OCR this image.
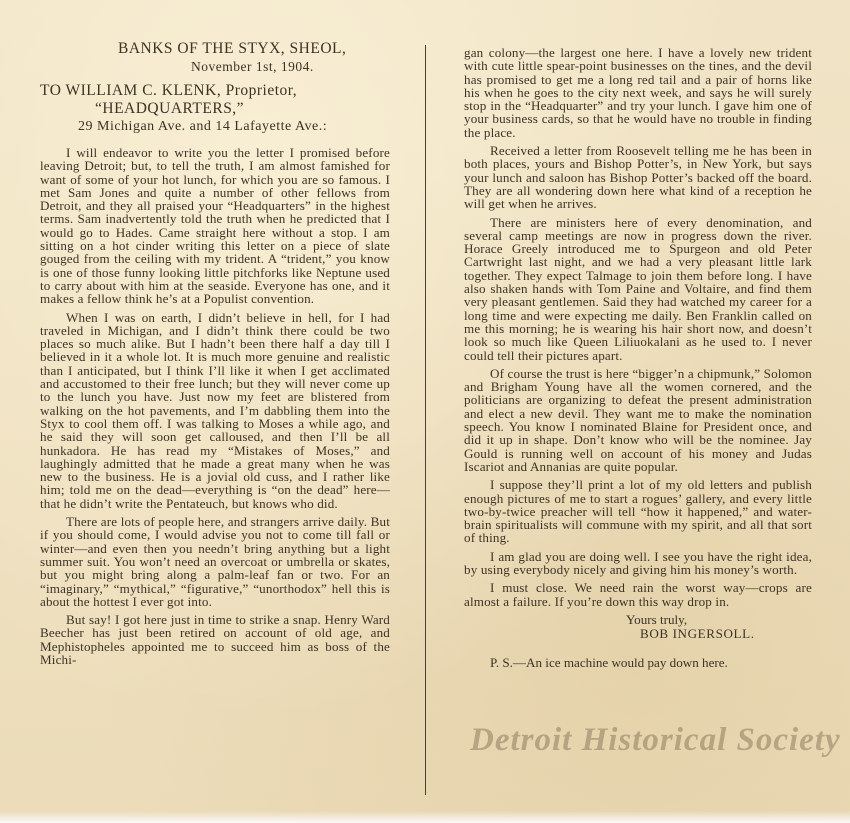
BANKS OF THE STYX, SHEOL,

November 1st, 1904.

TO WILLIAM C. KLENK, Proprietor,

“HEADQUARTERS,”

29 Michigan Ave. and 14 Lafayette Ave.:

I will endeavor to write you the letter I promised before leaving Detroit; but, to tell the truth, I am almost famished for want of some of your hot lunch, for which you are so famous. I met Sam Jones and quite a number of other fellows from Detroit, and they all praised your “Headquarters” in the highest terms. Sam inadvertently told the truth when he predicted that I would go to Hades. Came straight here without a stop. I am sitting on a hot cinder writing this letter on a piece of slate gouged from the ceiling with my trident. A “trident,” you know is one of those funny looking little pitchforks like Neptune used to carry about with him at the seaside. Everyone has one, and it makes a fellow think he’s at a Populist convention.

When I was on earth, I didn’t believe in hell, for I had traveled in Michigan, and I didn’t think there could be two places so much alike. But I hadn’t been there half a day till I believed in it a whole lot. It is much more genuine and realistic than I anticipated, but I think I’ll like it when I get acclimated and accustomed to their free lunch; but they will never come up to the lunch you have. Just now my feet are blistered from walking on the hot pavements, and I’m dabbling them into the Styx to cool them off. I was talking to Moses a while ago, and he said they will soon get calloused, and then I’ll be all hunkadora. He has read my “Mistakes of Moses,” and laughingly admitted that he made a great many when he was new to the business. He is a jovial old cuss, and I rather like him; told me on the dead—everything is “on the dead” here—that he didn’t write the Pentateuch, but knows who did.

There are lots of people here, and strangers arrive daily. But if you should come, I would advise you not to come till fall or winter—and even then you needn’t bring anything but a light summer suit. You won’t need an overcoat or umbrella or skates, but you might bring along a palm-leaf fan or two. For an “imaginary,” “mythical,” “figurative,” “unorthodox” hell this is about the hottest I ever got into.

But say! I got here just in time to strike a snap. Henry Ward Beecher has just been retired on account of old age, and Mephistopheles appointed me to succeed him as boss of the Michi-

gan colony—the largest one here. I have a lovely new trident with cute little spear-point businesses on the tines, and the devil has promised to get me a long red tail and a pair of horns like his when he goes to the city next week, and says he will surely stop in the “Headquarter” and try your lunch. I gave him one of your business cards, so that he would have no trouble in finding the place.

Received a letter from Roosevelt telling me he has been in both places, yours and Bishop Potter’s, in New York, but says your lunch and saloon has Bishop Potter’s backed off the board. They are all wondering down here what kind of a reception he will get when he arrives.

There are ministers here of every denomination, and several camp meetings are now in progress down the river. Horace Greely introduced me to Spurgeon and old Peter Cartwright last night, and we had a very pleasant little lark together. They expect Talmage to join them before long. I have also shaken hands with Tom Paine and Voltaire, and find them very pleasant gentlemen. Said they had watched my career for a long time and were expecting me daily. Ben Franklin called on me this morning; he is wearing his hair short now, and doesn’t look so much like Queen Liliuokalani as he used to. I never could tell their pictures apart.

Of course the trust is here “bigger’n a chipmunk,” Solomon and Brigham Young have all the women cornered, and the politicians are organizing to defeat the present administration and elect a new devil. They want me to make the nomination speech. You know I nominated Blaine for President once, and did it up in shape. Don’t know who will be the nominee. Jay Gould is running well on account of his money and Judas Iscariot and Annanias are quite popular.

I suppose they’ll print a lot of my old letters and publish enough pictures of me to start a rogues’ gallery, and every little two-by-twice preacher will tell “how it happened,” and water-brain spiritualists will commune with my spirit, and all that sort of thing.

I am glad you are doing well. I see you have the right idea, by using everybody nicely and giving him his money’s worth.

I must close. We need rain the worst way—crops are almost a failure. If you’re down this way drop in.

Yours truly,
BOB INGERSOLL.
P. S.—An ice machine would pay down here.
Detroit Historical Society
